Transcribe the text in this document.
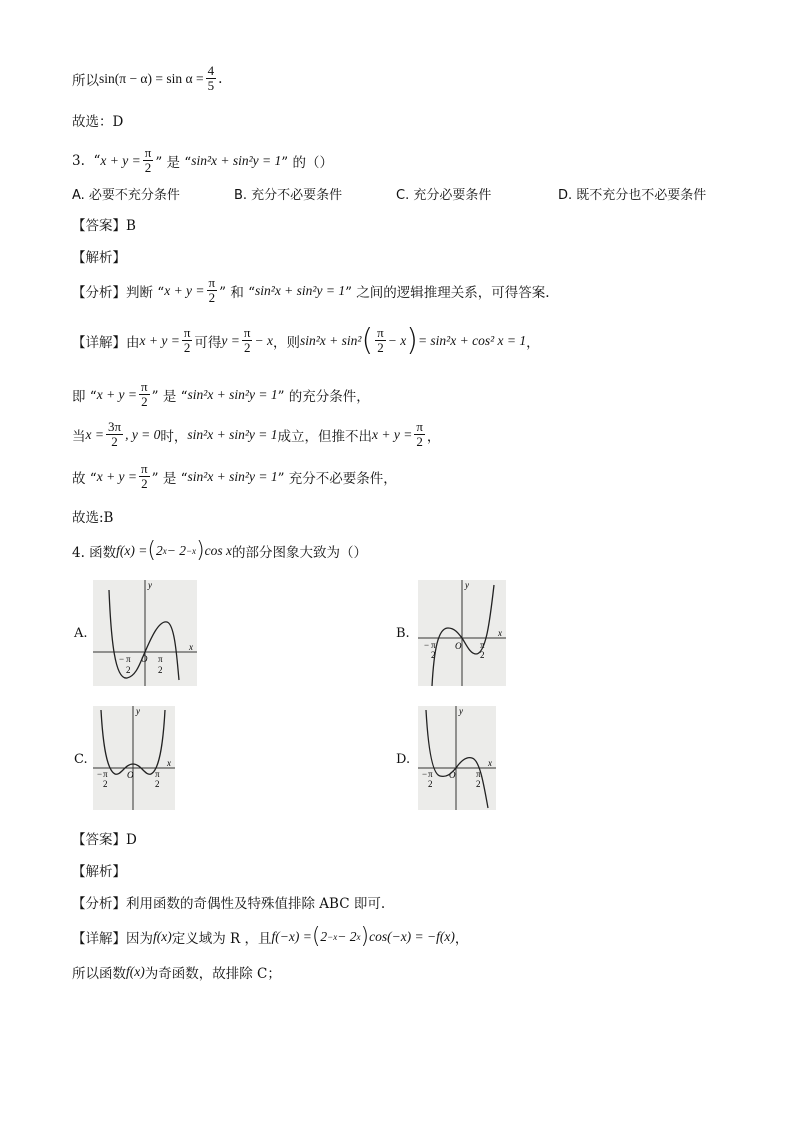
所以 $\sin(\pi - \alpha) = \sin \alpha = \frac{4}{5}$ .
故选：D
3.
“ $x + y = \frac{\pi}{2}$ ” 是 “ sin²x + sin²y = 1 ” 的（）
A. 必要不充分条件	B. 充分不必要条件	C. 充分必要条件	D. 既不充分也不必要条件
【答案】B
【解析】
【分析】判断 “ $x + y = \frac{\pi}{2}$ ” 和 “ sin²x + sin²y = 1 ” 之间的逻辑推理关系，可得答案.
【详解】由 $x + y = \frac{\pi}{2}$ 可得 $y = \frac{\pi}{2} - x$ ，则 sin²x + sin² ( $\frac{\pi}{2} - x$ ) = sin²x + cos² x = 1 ，
即 “ $x + y = \frac{\pi}{2}$ ” 是 “ sin²x + sin²y = 1 ” 的充分条件，
当 $x = \frac{3\pi}{2}$ , y = 0 时， sin²x + sin²y = 1 成立，但推不出 $x + y = \frac{\pi}{2}$ ，
故 “ $x + y = \frac{\pi}{2}$ ” 是 “ sin²x + sin²y = 1 ” 充分不必要条件，
故选:B
4. 函数 f(x) = ( 2 x − 2 −x ) cos x 的部分图象大致为（）
A.	B.
C.	D.
y
x
O
− π
2
π
2
y
x
O
− π
2
π
2
y
x
O
− π
2
π
2
y
x
O
− π
2
π
2
【答案】D
【解析】
【分析】利用函数的奇偶性及特殊值排除 ABC 即可.
【详解】因为 f(x) 定义域为 R ，且 f(−x) = ( 2 −x − 2 x ) cos(−x) = −f(x) ，
所以函数 f(x) 为奇函数，故排除 C；
